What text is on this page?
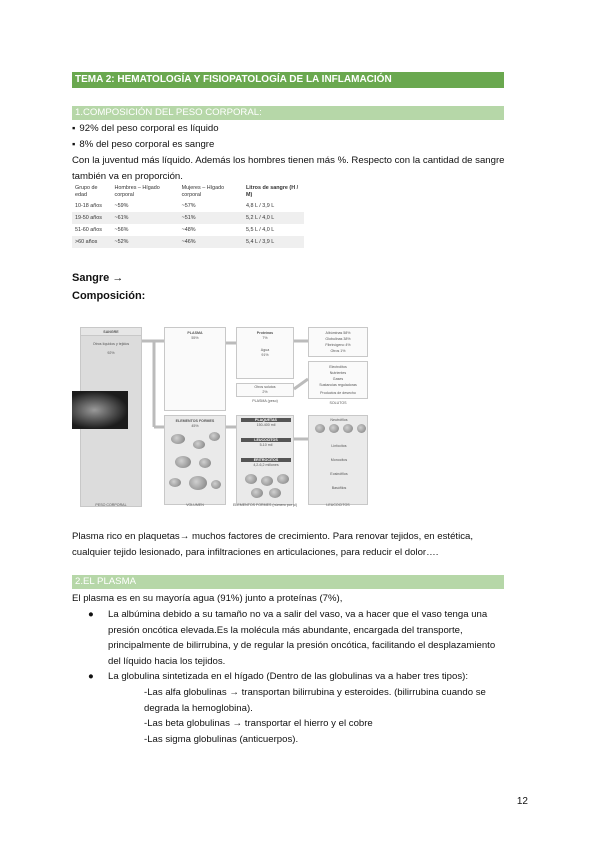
TEMA 2: HEMATOLOGÍA Y FISIOPATOLOGÍA DE LA INFLAMACIÓN
1.COMPOSICIÓN DEL PESO CORPORAL:
▪ 92% del peso corporal es líquido
▪ 8% del peso corporal es sangre
Con la juventud más líquido. Además los hombres tienen más %. Respecto con la cantidad de sangre
también va en proporción.
Grupo de edad	Hombres – Hígado corporal	Mujeres – Hígado corporal	Litros de sangre (H / M)
10-18 años	~59%	~57%	4,8 L / 3,9 L
19-50 años	~61%	~51%	5,2 L / 4,0 L
51-60 años	~56%	~48%	5,5 L / 4,0 L
>60 años	~52%	~46%	5,4 L / 3,9 L
Sangre →
Composición:
SANGRE
Otros líquidos y tejidos
92%
PLASMA
55%
ELEMENTOS FORMES
45%
Proteínas
7%
Agua
91%
Otros solutos
2%
PLAQUETAS
150-400 mil
LEUCOCITOS
5-10 mil
ERITROCITOS
4,2-6,2 millones
Albúminas 58%
Globulinas 38%
Fibrinógeno 4%
Otros 1%
Electrolitos
Nutrientes
Gases
Sustancias reguladoras
Productos de desecho
Neutrófilos
Linfocitos
Monocitos
Eosinófilos
Basófilos
PESO CORPORAL	VOLUMEN
PLASMA (peso)	SOLUTOS
ELEMENTOS FORMES (número por μl)	LEUCOCITOS
Plasma rico en plaquetas→ muchos factores de crecimiento. Para renovar tejidos, en estética,
cualquier tejido lesionado, para infiltraciones en articulaciones, para reducir el dolor….
2.EL PLASMA
El plasma es en su mayoría agua (91%) junto a proteínas (7%),
● La albúmina debido a su tamaño no va a salir del vaso, va a hacer que el vaso tenga una
presión oncótica elevada.Es la molécula más abundante, encargada del transporte,
principalmente de bilirrubina, y de regular la presión oncótica, facilitando el desplazamiento
del líquido hacia los tejidos.
● La globulina sintetizada en el hígado (Dentro de las globulinas va a haber tres tipos):
-Las alfa globulinas → transportan bilirrubina y esteroides. (bilirrubina cuando se
degrada la hemoglobina).
-Las beta globulinas → transportar el hierro y el cobre
-Las sigma globulinas (anticuerpos).
12
